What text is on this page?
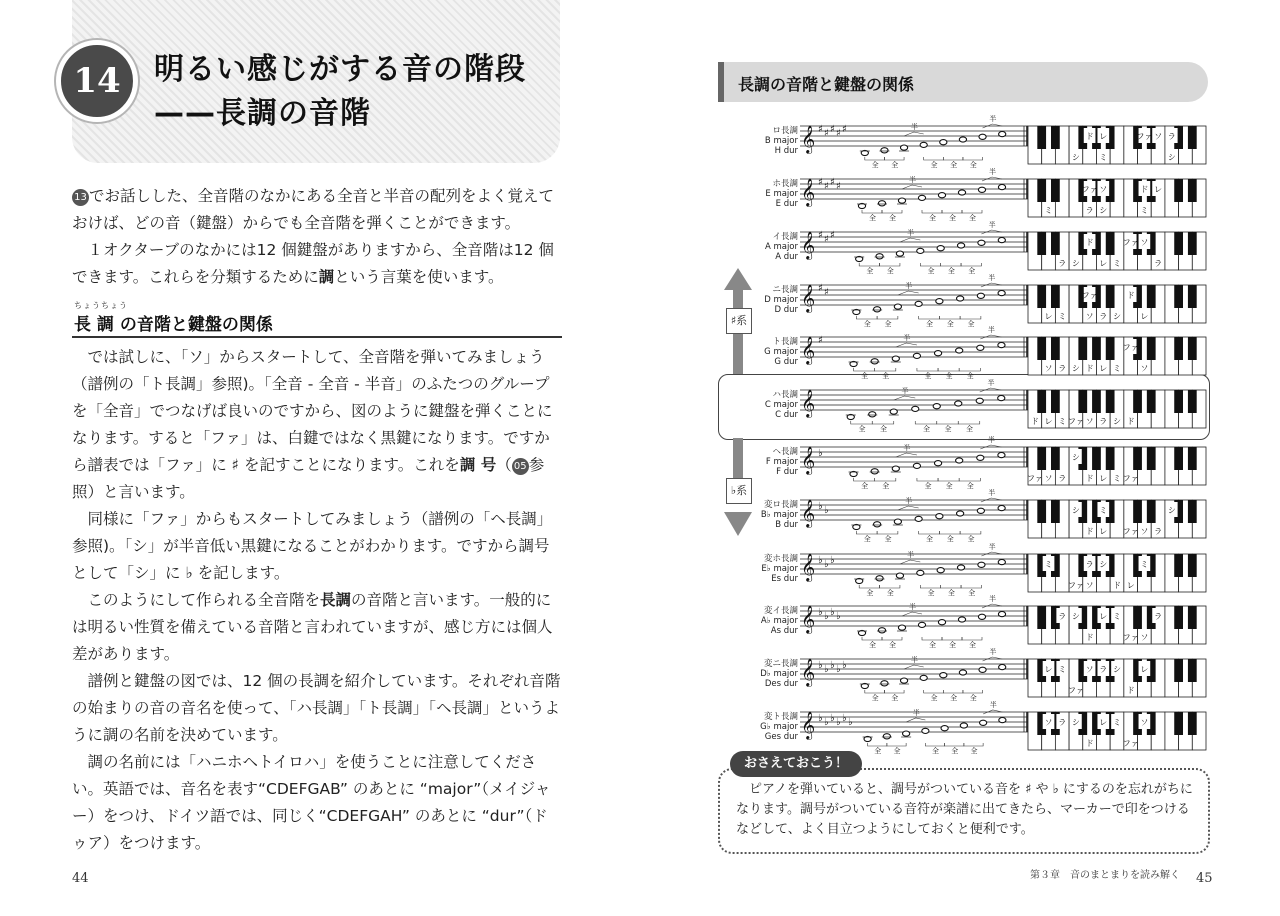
14	明るい感じがする音の階段
——長調の音階

13 でお話しした、全音階のなかにある全音と半音の配列をよく覚えておけば、どの音（鍵盤）からでも全音階を弾くことができます。

１オクターブのなかには12 個鍵盤がありますから、全音階は12 個できます。これらを分類するために調という言葉を使います。

ちょうちょう
長 調 の音階と鍵盤の関係

では試しに、「ソ」からスタートして、全音階を弾いてみましょう（譜例の「ト長調」参照)。「全音 - 全音 - 半音」のふたつのグループを「全音」でつなげば良いのですから、図のように鍵盤を弾くことになります。すると「ファ」は、白鍵ではなく黒鍵になります。ですから譜表では「ファ」に ♯ を記すことになります。これを調 号（ 05 参照）と言います。

同様に「ファ」からもスタートしてみましょう（譜例の「ヘ長調」参照)。「シ」が半音低い黒鍵になることがわかります。ですから調号として「シ」に ♭ を記します。

このようにして作られる全音階を長調の音階と言います。一般的には明るい性質を備えている音階と言われていますが、感じ方には個人差があります。

譜例と鍵盤の図では、12 個の長調を紹介しています。それぞれ音階の始まりの音の音名を使って、「ハ長調」「ト長調」「ヘ長調」というように調の名前を決めています。

調の名前には「ハニホヘトイロハ」を使うことに注意してください。英語では、音名を表す“CDEFGAB” のあとに “major”（メイジャー）をつけ、ドイツ語では、同じく“CDEFGAH” のあとに “dur”（ドゥア）をつけます。

44
長調の音階と鍵盤の関係
♯系
♭系
ロ長調
B major
H dur 𝄞 ♯ ♯ ♯ ♯ ♯
全 全	全 全 全
半
半
ド レ	ファ ソ ラ
シ ミ	シ
ホ長調
E major
E dur 𝄞 ♯ ♯ ♯ ♯
全 全	全 全 全
半
半
ファ ソ	ド レ
ミ	ラ シ	ミ
イ長調
A major
A dur 𝄞 ♯ ♯ ♯
全 全	全 全 全
半
半
ド	ファ ソ
ラ シ レ ミ	ラ
ニ長調
D major
D dur 𝄞 ♯ ♯
全 全	全 全 全
半
半
ファ	ド
レ ミ ソ ラ シ レ
ト長調
G major
G dur 𝄞 ♯
全 全	全 全 全
半
半
ファ
ソ ラ シ ド レ ミ ソ
ハ長調
C major
C dur 𝄞
全 全	全 全 全
半
半
ド レ ミ ファ ソ ラ シ ド
ヘ長調
F major
F dur 𝄞 ♭
全 全	全 全 全
半
半
シ
ファ ソ ラ ド レ ミ ファ
変ロ長調
B♭ major
B dur 𝄞 ♭ ♭
全 全	全 全 全
半
半
シ ミ	シ
ド レ ファ ソ ラ
変ホ長調
E♭ major
Es dur 𝄞 ♭ ♭ ♭
全 全	全 全 全
半
半
ミ	ラ シ	ミ
ファ ソ ド レ
変イ長調
A♭ major
As dur 𝄞 ♭ ♭ ♭ ♭
全 全	全 全 全
半
半
ラ シ レ ミ	ラ
ド	ファ ソ
変ニ長調
D♭ major
Des dur 𝄞 ♭ ♭ ♭ ♭ ♭
全 全	全 全 全
半
半
レ ミ ソ ラ シ レ
ファ	ド
変ト長調
G♭ major
Ges dur 𝄞 ♭ ♭ ♭ ♭ ♭ ♭
全 全	全 全 全
半
半
ソ ラ シ レ ミ ソ
ド	ファ
おさえておこう！
ピアノを弾いていると、調号がついている音を ♯ や ♭ にするのを忘れがちになります。調号がついている音符が楽譜に出てきたら、マーカーで印をつけるなどして、よく目立つようにしておくと便利です。
第３章　音のまとまりを読み解く 45
